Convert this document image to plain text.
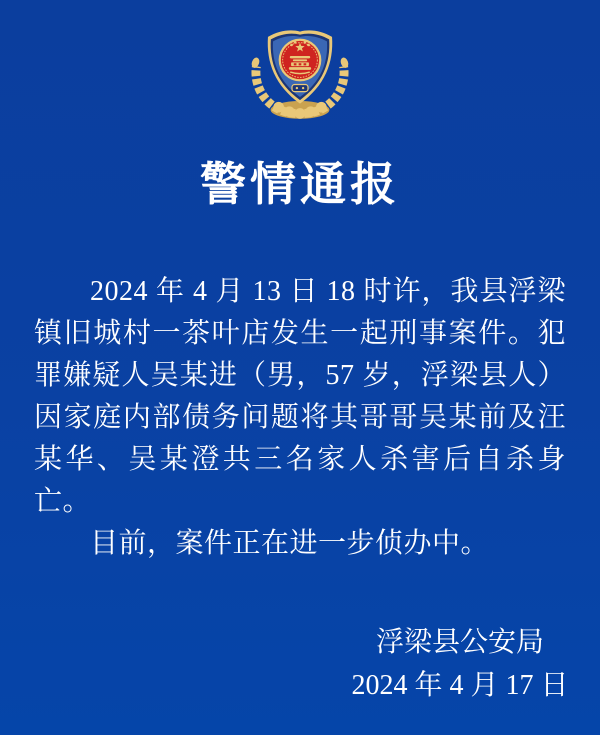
警情通报

2024 年 4 月 13 日 18 时许，我县浮梁镇旧城村一茶叶店发生一起刑事案件。犯罪嫌疑人吴某进（男，57 岁，浮梁县人）因家庭内部债务问题将其哥哥吴某前及汪某华、吴某澄共三名家人杀害后自杀身亡。

目前，案件正在进一步侦办中。

浮梁县公安局
2024 年 4 月 17 日
